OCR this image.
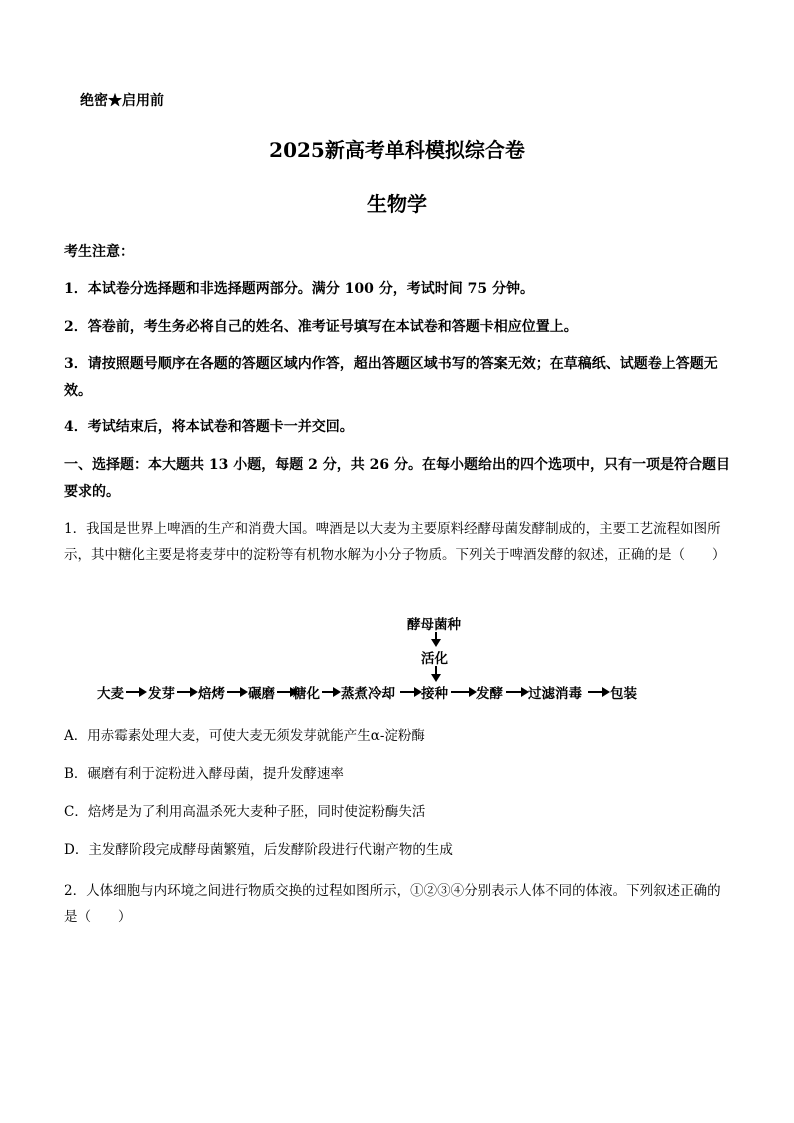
绝密★启用前
2025新高考单科模拟综合卷
生物学
考生注意：
1．本试卷分选择题和非选择题两部分。满分 100 分，考试时间 75 分钟。
2．答卷前，考生务必将自己的姓名、准考证号填写在本试卷和答题卡相应位置上。
3．请按照题号顺序在各题的答题区域内作答，超出答题区域书写的答案无效；在草稿纸、试题卷上答题无效。
4．考试结束后，将本试卷和答题卡一并交回。
一、选择题：本大题共 13 小题，每题 2 分，共 26 分。在每小题给出的四个选项中，只有一项是符合题目要求的。
1．我国是世界上啤酒的生产和消费大国。啤酒是以大麦为主要原料经酵母菌发酵制成的，主要工艺流程如图所示，其中糖化主要是将麦芽中的淀粉等有机物水解为小分子物质。下列关于啤酒发酵的叙述，正确的是（　　）
酵母菌种
活化
大麦 发芽 焙烤 碾磨 糖化 蒸煮冷却 接种 发酵 过滤消毒 包装
A．用赤霉素处理大麦，可使大麦无须发芽就能产生α-淀粉酶
B．碾磨有利于淀粉进入酵母菌，提升发酵速率
C．焙烤是为了利用高温杀死大麦种子胚，同时使淀粉酶失活
D．主发酵阶段完成酵母菌繁殖，后发酵阶段进行代谢产物的生成
2．人体细胞与内环境之间进行物质交换的过程如图所示，①②③④分别表示人体不同的体液。下列叙述正确的是（　　）
